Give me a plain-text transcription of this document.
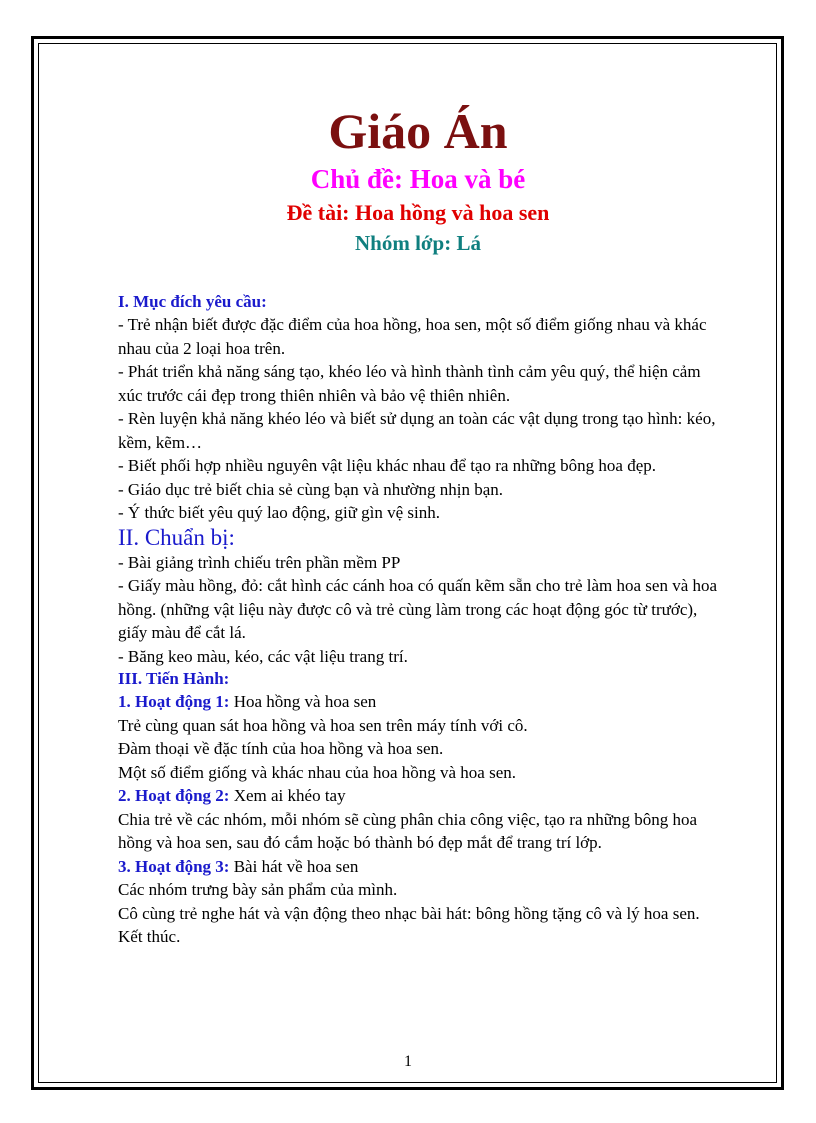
Giáo Án
Chủ đề: Hoa và bé
Đề tài: Hoa hồng và hoa sen
Nhóm lớp: Lá
I. Mục đích yêu cầu:
- Trẻ nhận biết được đặc điểm của hoa hồng, hoa sen, một số điểm giống nhau và khác nhau của 2 loại hoa trên.
- Phát triển khả năng sáng tạo, khéo léo và hình thành tình cảm yêu quý, thể hiện cảm xúc trước cái đẹp trong thiên nhiên và bảo vệ thiên nhiên.
- Rèn luyện khả năng khéo léo và biết sử dụng an toàn các vật dụng trong tạo hình: kéo, kềm, kẽm…
- Biết phối hợp nhiều nguyên vật liệu khác nhau để tạo ra những bông hoa đẹp.
- Giáo dục trẻ biết chia sẻ cùng bạn và nhường nhịn bạn.
- Ý thức biết yêu quý lao động, giữ gìn vệ sinh.
II. Chuẩn bị:
- Bài giảng trình chiếu trên phần mềm PP
- Giấy màu hồng, đỏ: cắt hình các cánh hoa có quấn kẽm sẵn cho trẻ làm hoa sen và hoa hồng. (những vật liệu này được cô và trẻ cùng làm trong các hoạt động góc từ trước), giấy màu để cắt lá.
- Băng keo màu, kéo, các vật liệu trang trí.
III. Tiến Hành:
1. Hoạt động 1: Hoa hồng và hoa sen
Trẻ cùng quan sát hoa hồng và hoa sen trên máy tính với cô.
Đàm thoại về đặc tính của hoa hồng và hoa sen.
Một số điểm giống và khác nhau của hoa hồng và hoa sen.
2. Hoạt động 2: Xem ai khéo tay
Chia trẻ về các nhóm, mỗi nhóm sẽ cùng phân chia công việc, tạo ra những bông hoa hồng và hoa sen, sau đó cắm hoặc bó thành bó đẹp mắt để trang trí lớp.
3. Hoạt động 3: Bài hát về hoa sen
Các nhóm trưng bày sản phẩm của mình.
Cô cùng trẻ nghe hát và vận động theo nhạc bài hát: bông hồng tặng cô và lý hoa sen.
Kết thúc.
1
